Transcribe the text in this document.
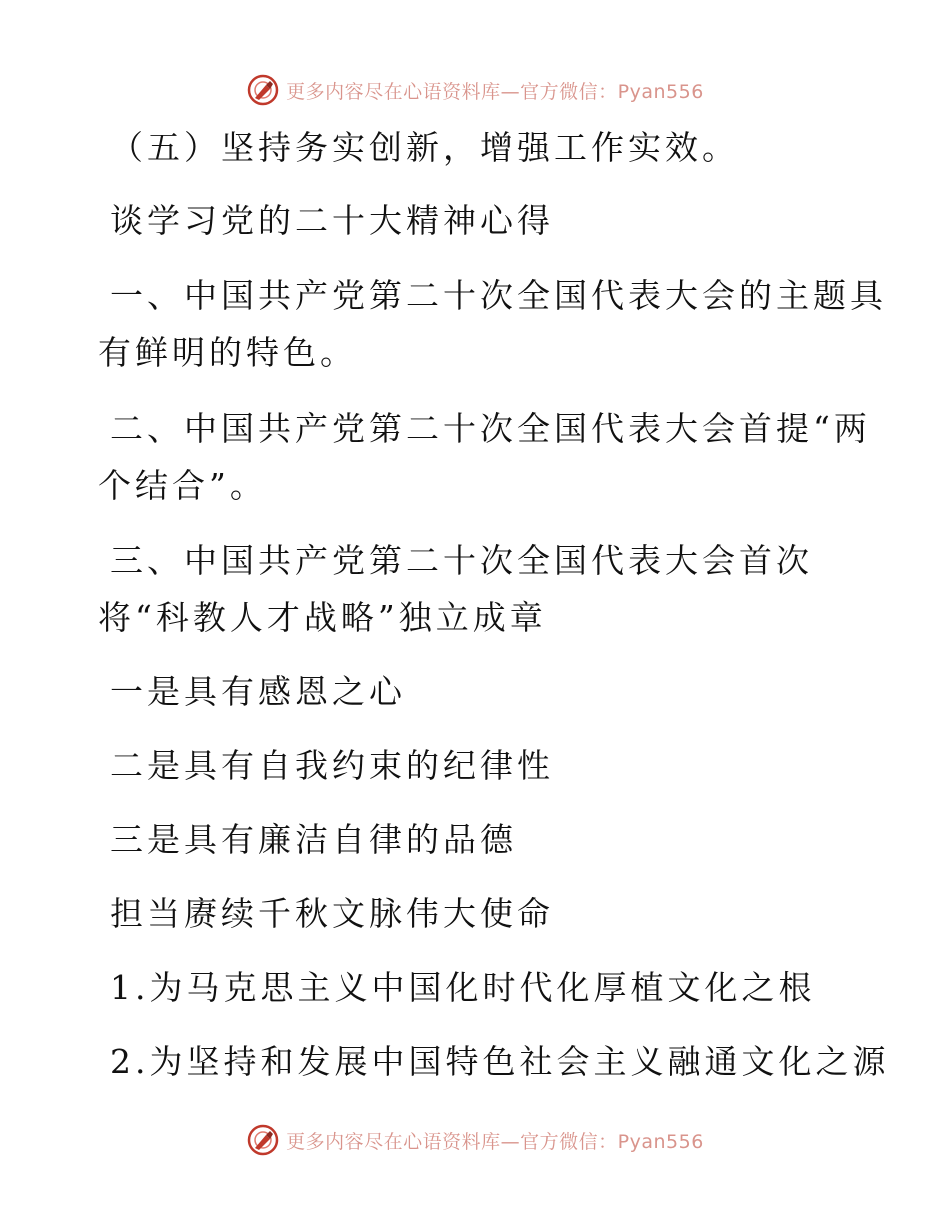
更多内容尽在心语资料库—官方微信：Pyan556
（五）坚持务实创新，增强工作实效。
谈学习党的二十大精神心得
一、中国共产党第二十次全国代表大会的主题具
有鲜明的特色。
二、中国共产党第二十次全国代表大会首提“两
个结合”。
三、中国共产党第二十次全国代表大会首次
将“科教人才战略”独立成章
一是具有感恩之心
二是具有自我约束的纪律性
三是具有廉洁自律的品德
担当赓续千秋文脉伟大使命
1.为马克思主义中国化时代化厚植文化之根
2.为坚持和发展中国特色社会主义融通文化之源
更多内容尽在心语资料库—官方微信：Pyan556
